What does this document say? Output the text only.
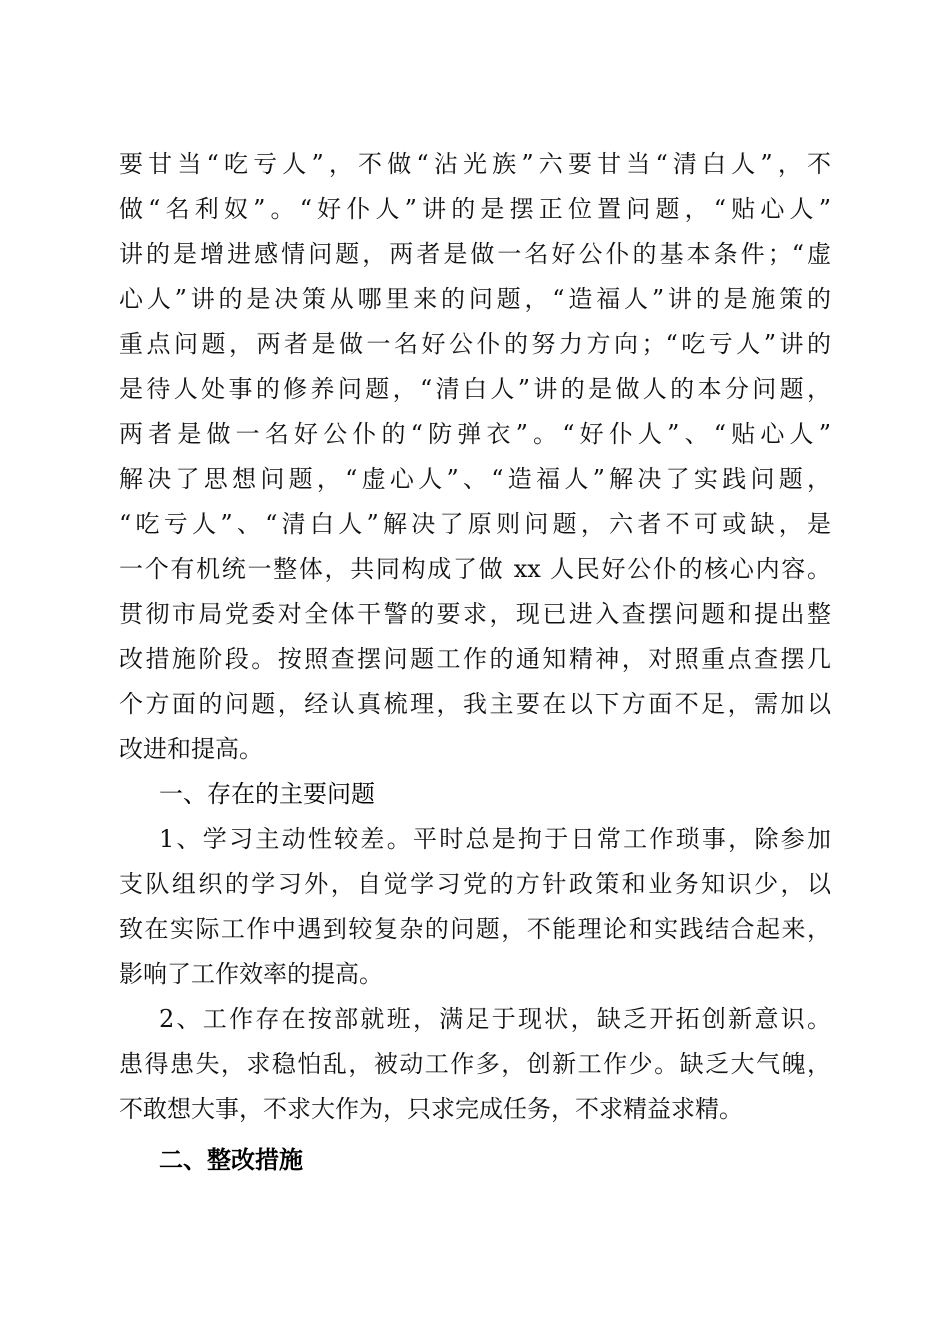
要甘当“吃亏人”，不做“沾光族”六要甘当“清白人”，不
做“名利奴”。“好仆人”讲的是摆正位置问题，“贴心人”
讲的是增进感情问题，两者是做一名好公仆的基本条件；“虚
心人”讲的是决策从哪里来的问题，“造福人”讲的是施策的
重点问题，两者是做一名好公仆的努力方向；“吃亏人”讲的
是待人处事的修养问题，“清白人”讲的是做人的本分问题，
两者是做一名好公仆的“防弹衣”。“好仆人”、“贴心人”
解决了思想问题，“虚心人”、“造福人”解决了实践问题，
“吃亏人”、“清白人”解决了原则问题，六者不可或缺，是
一个有机统一整体，共同构成了做 xx 人民好公仆的核心内容。
贯彻市局党委对全体干警的要求，现已进入查摆问题和提出整
改措施阶段。按照查摆问题工作的通知精神，对照重点查摆几
个方面的问题，经认真梳理，我主要在以下方面不足，需加以
改进和提高。
一、存在的主要问题
1、学习主动性较差。平时总是拘于日常工作琐事，除参加
支队组织的学习外，自觉学习党的方针政策和业务知识少，以
致在实际工作中遇到较复杂的问题，不能理论和实践结合起来，
影响了工作效率的提高。
2、工作存在按部就班，满足于现状，缺乏开拓创新意识。
患得患失，求稳怕乱，被动工作多，创新工作少。缺乏大气魄，
不敢想大事，不求大作为，只求完成任务，不求精益求精。
二、整改措施
